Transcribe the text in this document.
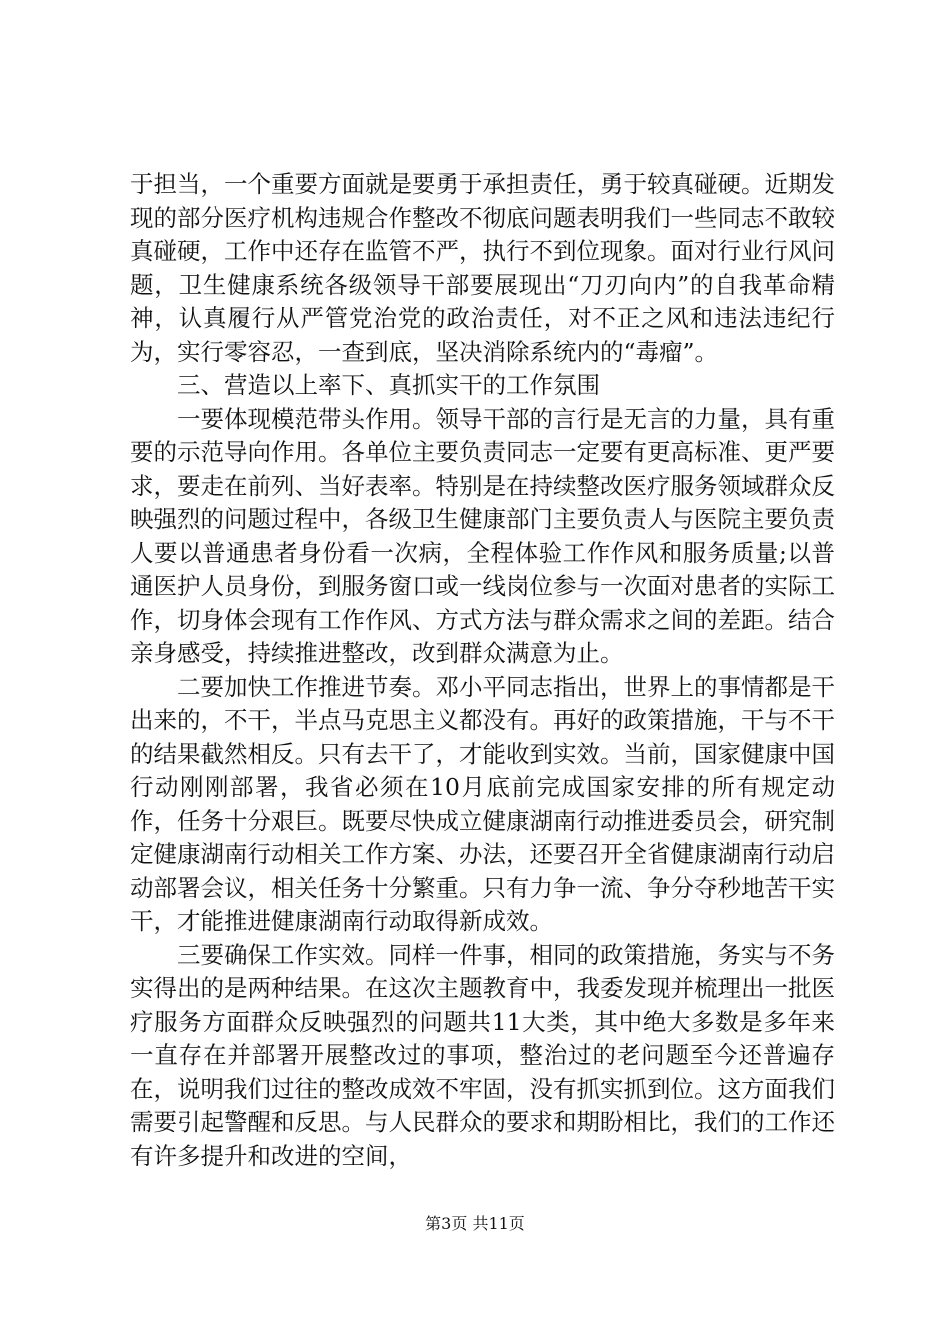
于担当，一个重要方面就是要勇于承担责任，勇于较真碰硬。近期发现的部分医疗机构违规合作整改不彻底问题表明我们一些同志不敢较真碰硬，工作中还存在监管不严，执行不到位现象。面对行业行风问题，卫生健康系统各级领导干部要展现出“刀刃向内”的自我革命精神，认真履行从严管党治党的政治责任，对不正之风和违法违纪行为，实行零容忍，一查到底，坚决消除系统内的“毒瘤”。

三、营造以上率下、真抓实干的工作氛围

一要体现模范带头作用。领导干部的言行是无言的力量，具有重要的示范导向作用。各单位主要负责同志一定要有更高标准、更严要求，要走在前列、当好表率。特别是在持续整改医疗服务领域群众反映强烈的问题过程中，各级卫生健康部门主要负责人与医院主要负责人要以普通患者身份看一次病，全程体验工作作风和服务质量;以普通医护人员身份，到服务窗口或一线岗位参与一次面对患者的实际工作，切身体会现有工作作风、方式方法与群众需求之间的差距。结合亲身感受，持续推进整改，改到群众满意为止。

二要加快工作推进节奏。邓小平同志指出，世界上的事情都是干出来的，不干，半点马克思主义都没有。再好的政策措施，干与不干的结果截然相反。只有去干了，才能收到实效。当前，国家健康中国行动刚刚部署，我省必须在10月底前完成国家安排的所有规定动作，任务十分艰巨。既要尽快成立健康湖南行动推进委员会，研究制定健康湖南行动相关工作方案、办法，还要召开全省健康湖南行动启动部署会议，相关任务十分繁重。只有力争一流、争分夺秒地苦干实干，才能推进健康湖南行动取得新成效。

三要确保工作实效。同样一件事，相同的政策措施，务实与不务实得出的是两种结果。在这次主题教育中，我委发现并梳理出一批医疗服务方面群众反映强烈的问题共11大类，其中绝大多数是多年来一直存在并部署开展整改过的事项，整治过的老问题至今还普遍存在，说明我们过往的整改成效不牢固，没有抓实抓到位。这方面我们需要引起警醒和反思。与人民群众的要求和期盼相比，我们的工作还有许多提升和改进的空间，

第3页 共11页
